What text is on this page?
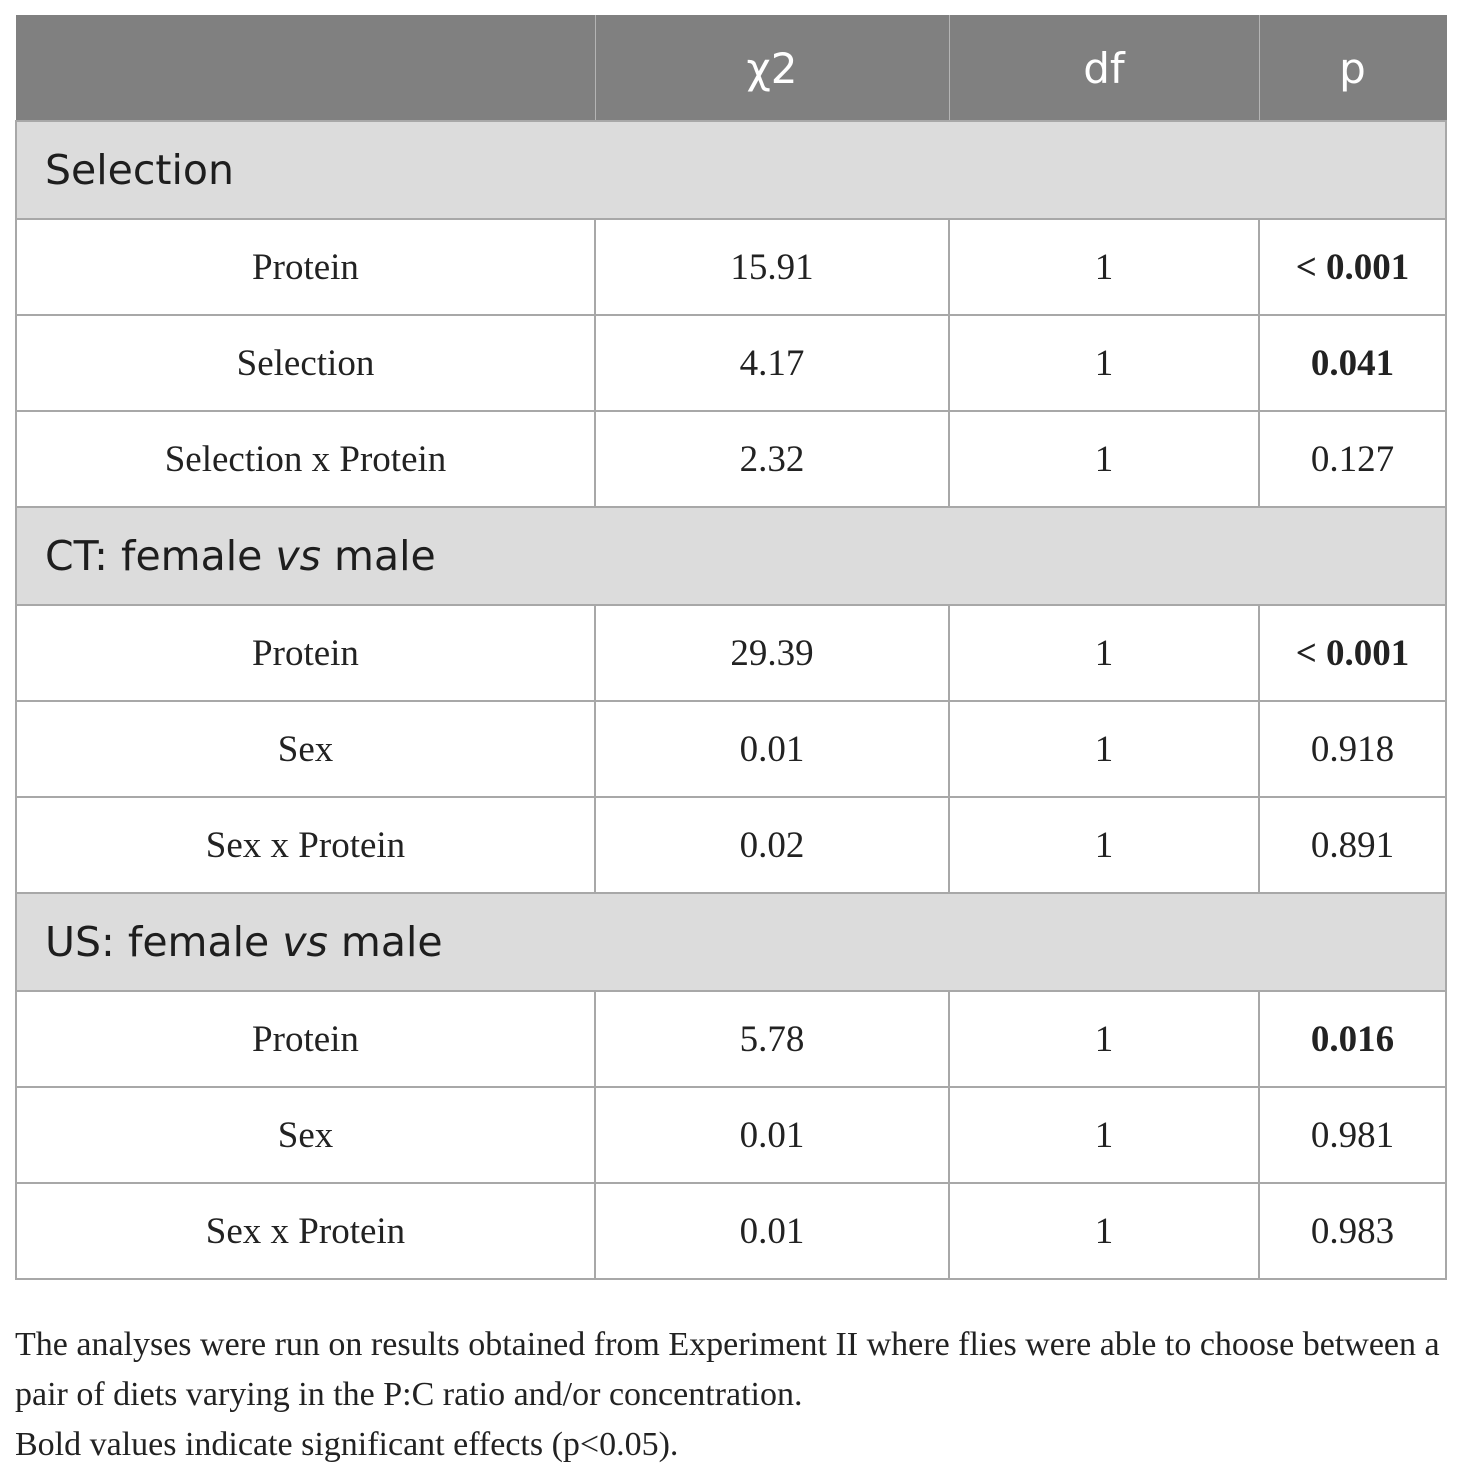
	χ2	df	p
Selection			
Protein	15.91	1	< 0.001
Selection	4.17	1	0.041
Selection x Protein	2.32	1	0.127
CT: female vs male			
Protein	29.39	1	< 0.001
Sex	0.01	1	0.918
Sex x Protein	0.02	1	0.891
US: female vs male			
Protein	5.78	1	0.016
Sex	0.01	1	0.981
Sex x Protein	0.01	1	0.983

The analyses were run on results obtained from Experiment II where flies were able to choose between a pair of diets varying in the P:C ratio and/or concentration.

Bold values indicate significant effects (p<0.05).
